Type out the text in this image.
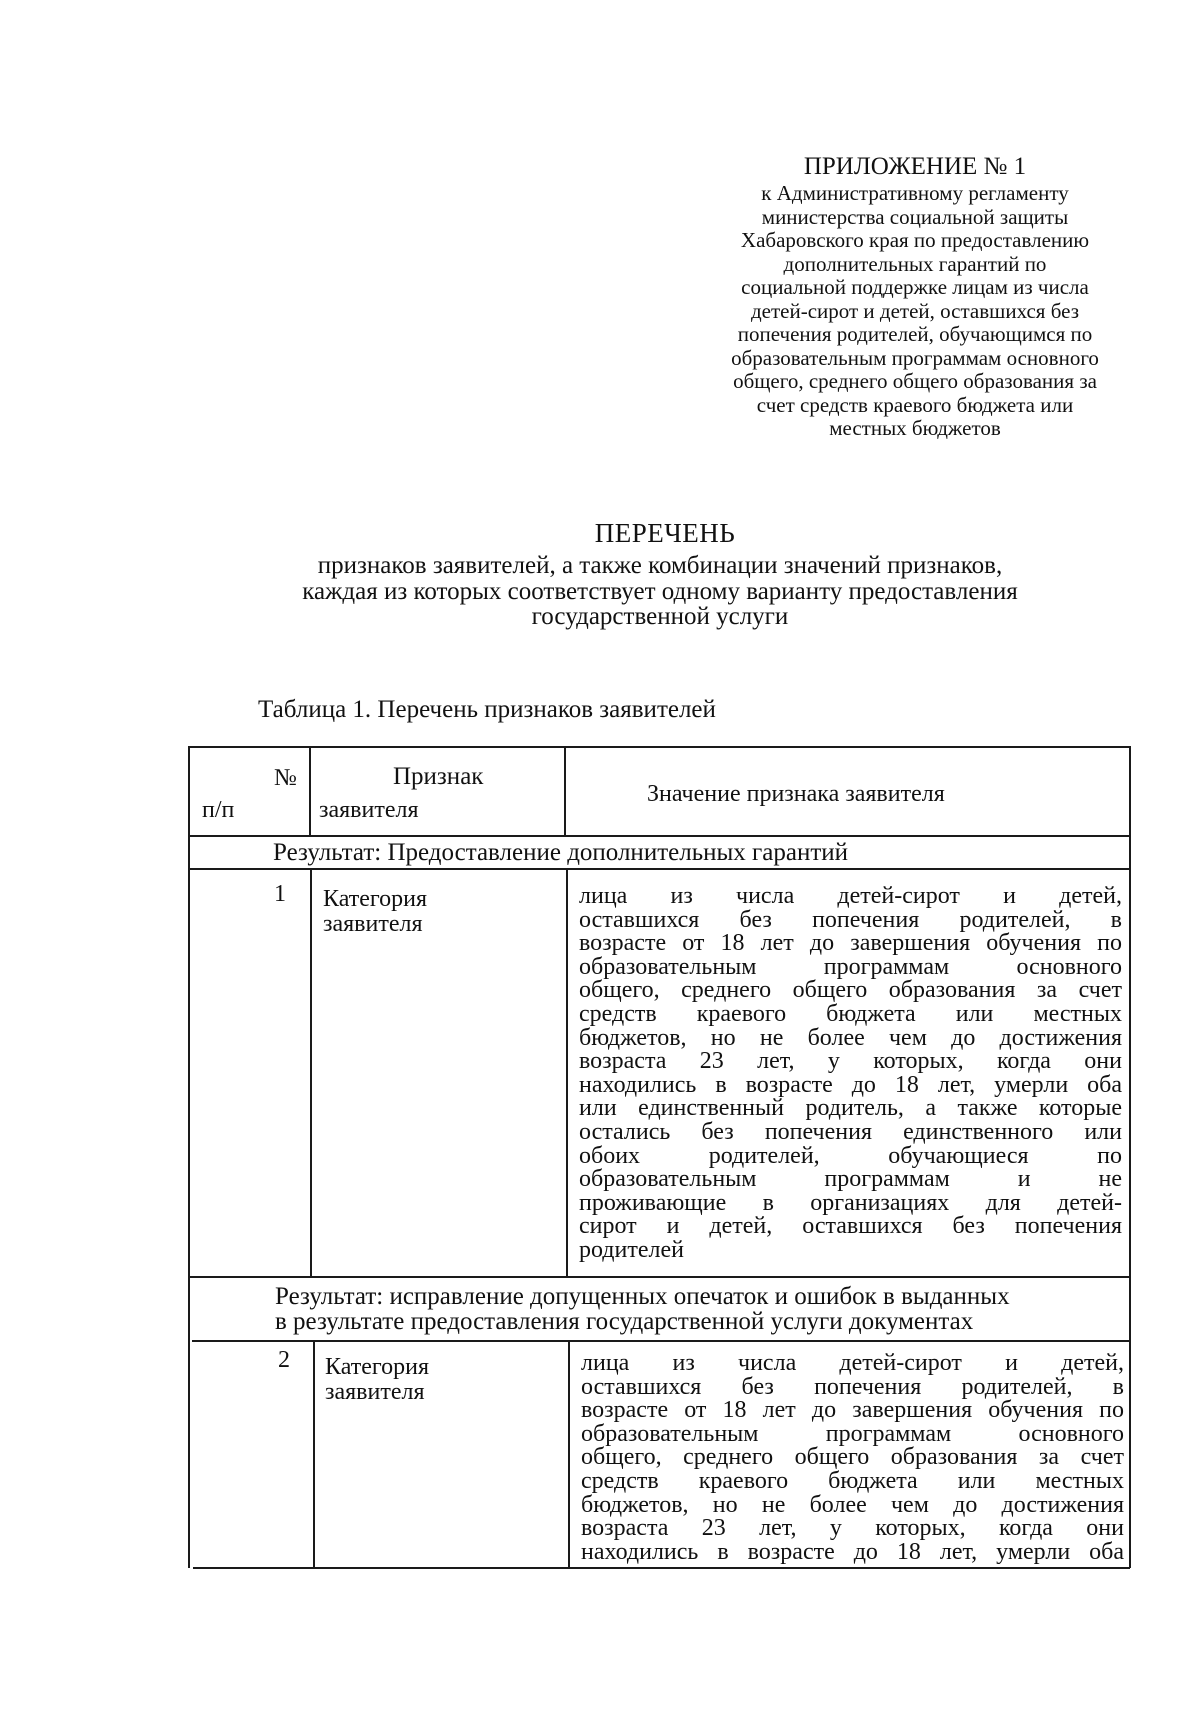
ПРИЛОЖЕНИЕ № 1

к Административному регламенту

министерства социальной защиты

Хабаровского края по предоставлению

дополнительных гарантий по

социальной поддержке лицам из числа

детей-сирот и детей, оставшихся без

попечения родителей, обучающимся по

образовательным программам основного

общего, среднего общего образования за

счет средств краевого бюджета или

местных бюджетов

ПЕРЕЧЕНЬ

признаков заявителей, а также комбинации значений признаков,

каждая из которых соответствует одному варианту предоставления

государственной услуги

Таблица 1. Перечень признаков заявителей

№
п/п
Признак
заявителя
Значение признака заявителя
Результат: Предоставление дополнительных гарантий
1 Категория
заявителя

лица из числа детей-сирот и детей,

оставшихся без попечения родителей, в

возрасте от 18 лет до завершения обучения по

образовательным программам основного

общего, среднего общего образования за счет

средств краевого бюджета или местных

бюджетов, но не более чем до достижения

возраста 23 лет, у которых, когда они

находились в возрасте до 18 лет, умерли оба

или единственный родитель, а также которые

остались без попечения единственного или

обоих родителей, обучающиеся по

образовательным программам и не

проживающие в организациях для детей-

сирот и детей, оставшихся без попечения

родителей

Результат: исправление допущенных опечаток и ошибок в выданных
в результате предоставления государственной услуги документах
2 Категория
заявителя

лица из числа детей-сирот и детей,

оставшихся без попечения родителей, в

возрасте от 18 лет до завершения обучения по

образовательным программам основного

общего, среднего общего образования за счет

средств краевого бюджета или местных

бюджетов, но не более чем до достижения

возраста 23 лет, у которых, когда они

находились в возрасте до 18 лет, умерли оба
